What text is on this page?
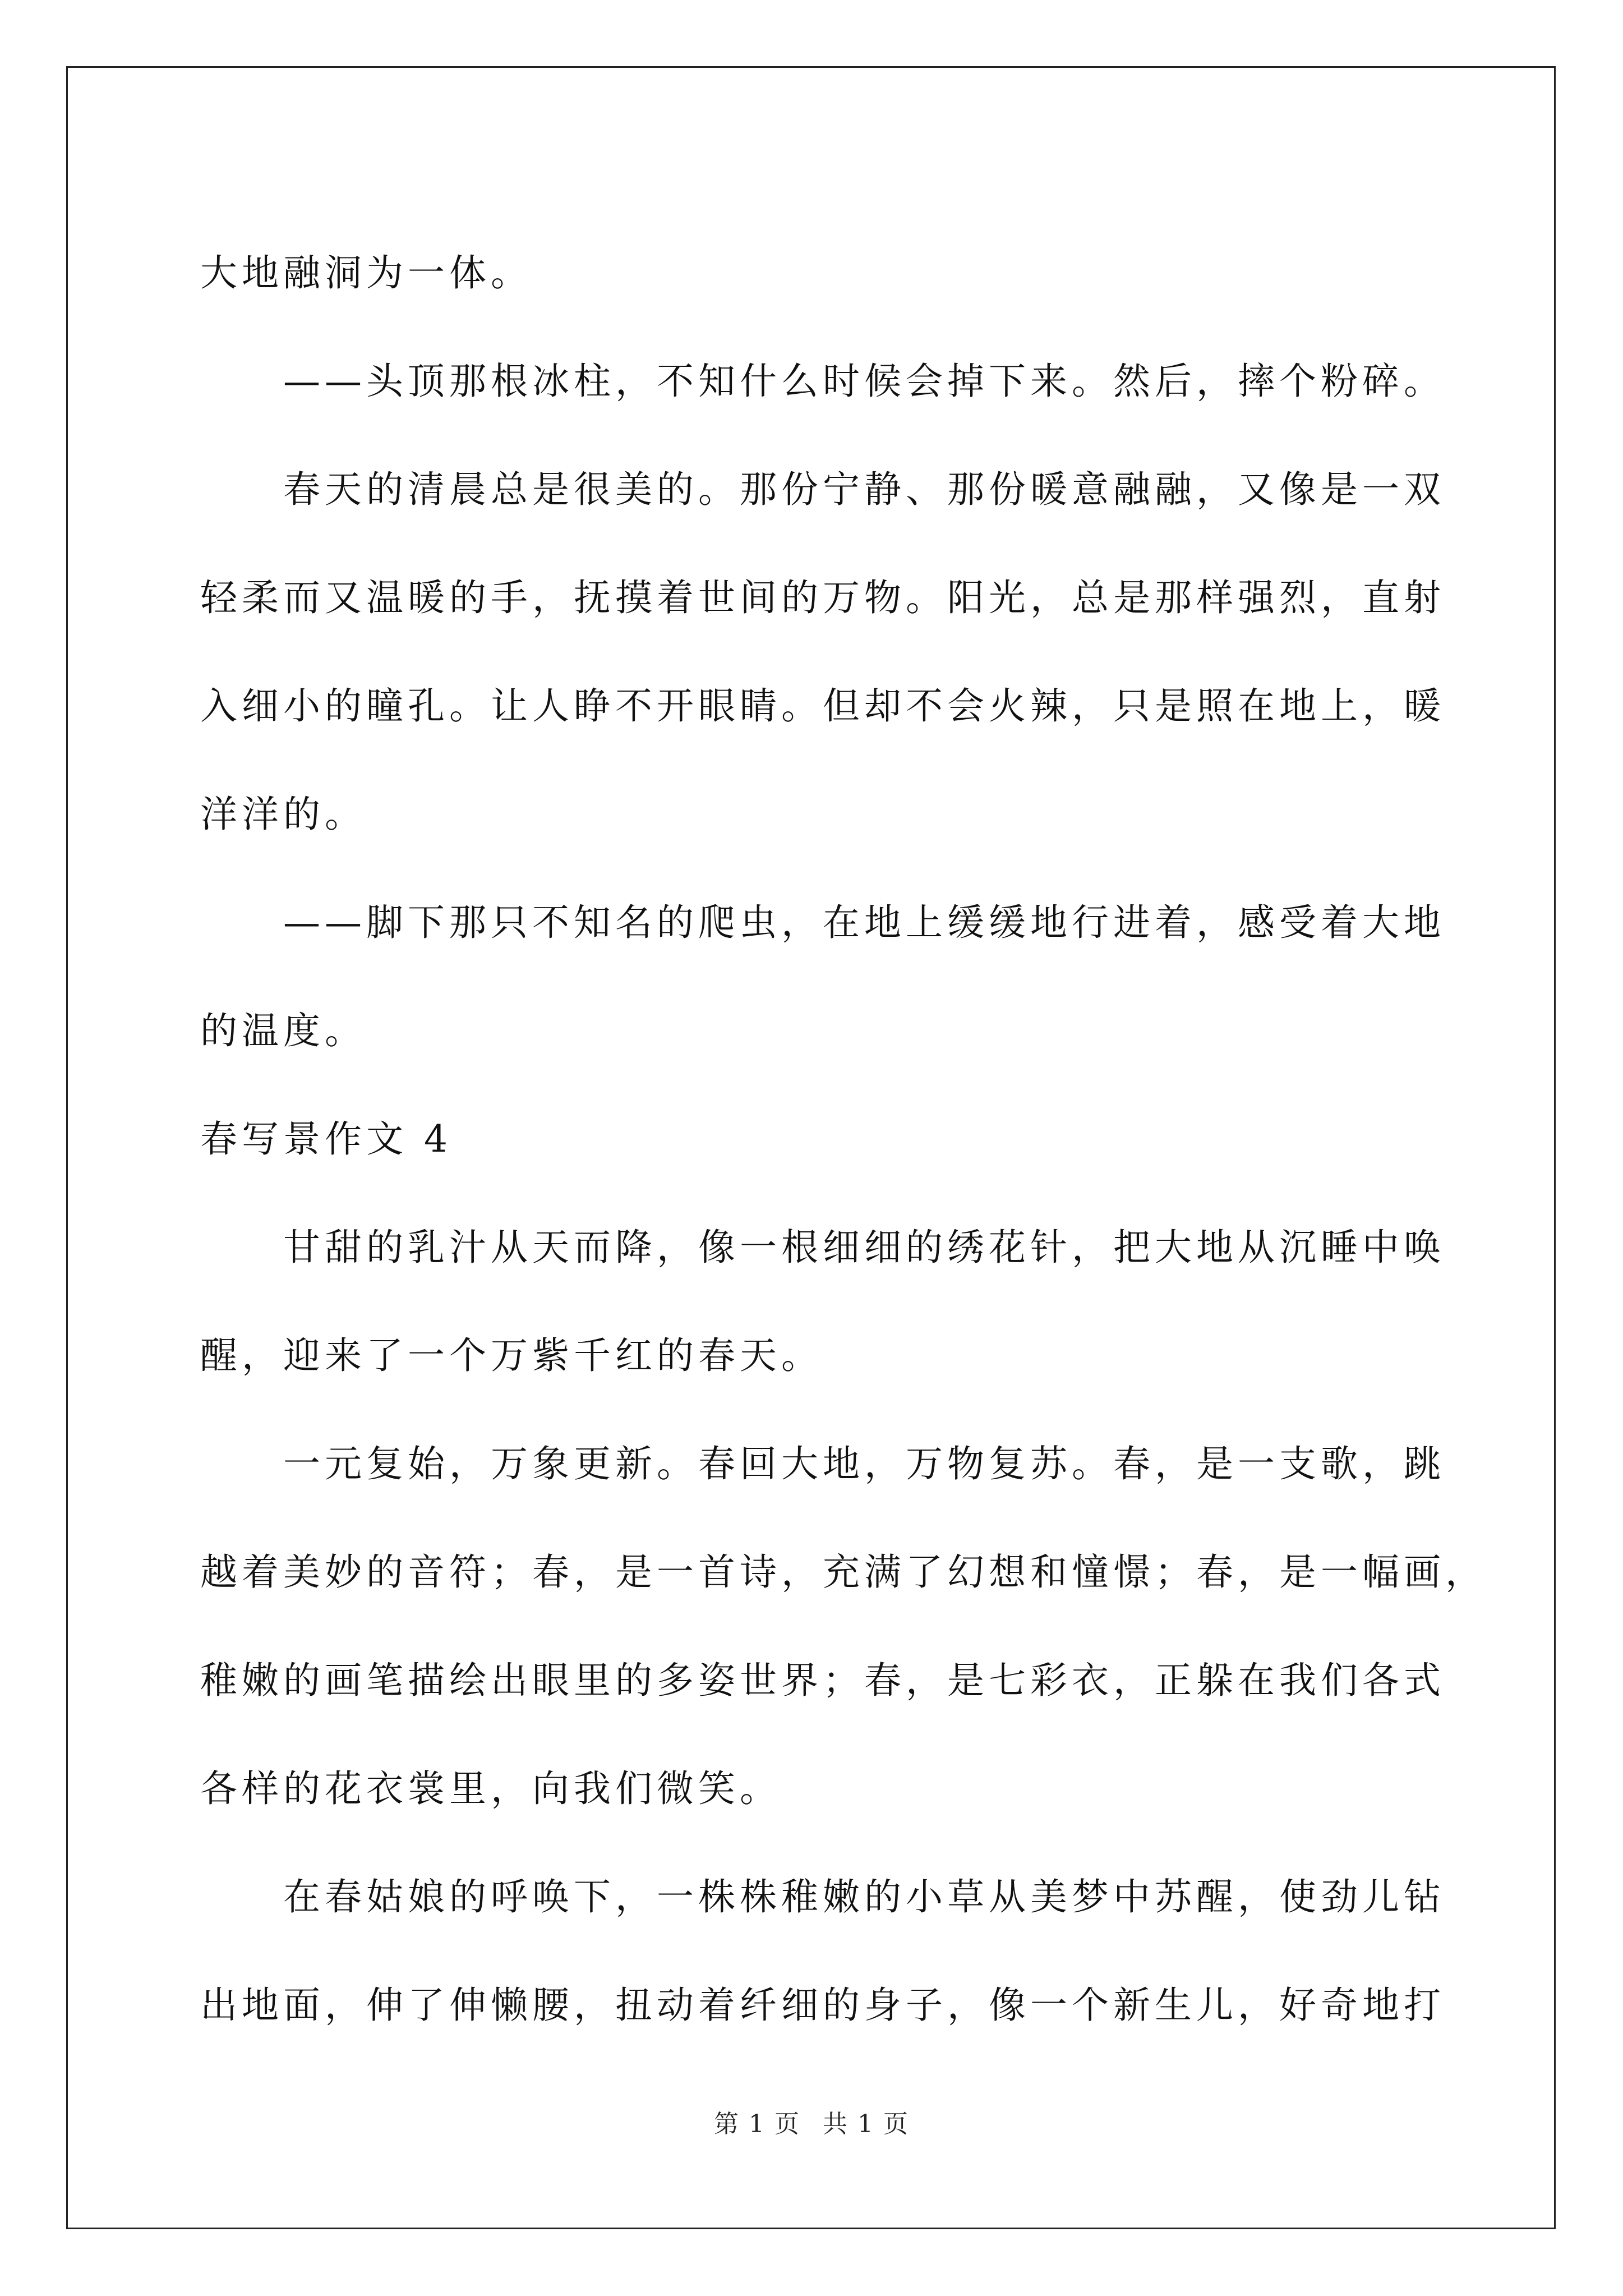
大地融洞为一体。
——头顶那根冰柱，不知什么时候会掉下来。然后，摔个粉碎。
春天的清晨总是很美的。那份宁静、那份暖意融融，又像是一双
轻柔而又温暖的手，抚摸着世间的万物。阳光，总是那样强烈，直射
入细小的瞳孔。让人睁不开眼睛。但却不会火辣，只是照在地上，暖
洋洋的。
——脚下那只不知名的爬虫，在地上缓缓地行进着，感受着大地
的温度。
春写景作文 4
甘甜的乳汁从天而降，像一根细细的绣花针，把大地从沉睡中唤
醒，迎来了一个万紫千红的春天。
一元复始，万象更新。春回大地，万物复苏。春，是一支歌，跳
越着美妙的音符；春，是一首诗，充满了幻想和憧憬；春，是一幅画，
稚嫩的画笔描绘出眼里的多姿世界；春，是七彩衣，正躲在我们各式
各样的花衣裳里，向我们微笑。
在春姑娘的呼唤下，一株株稚嫩的小草从美梦中苏醒，使劲儿钻
出地面，伸了伸懒腰，扭动着纤细的身子，像一个新生儿，好奇地打
第 1 页 共 1 页
